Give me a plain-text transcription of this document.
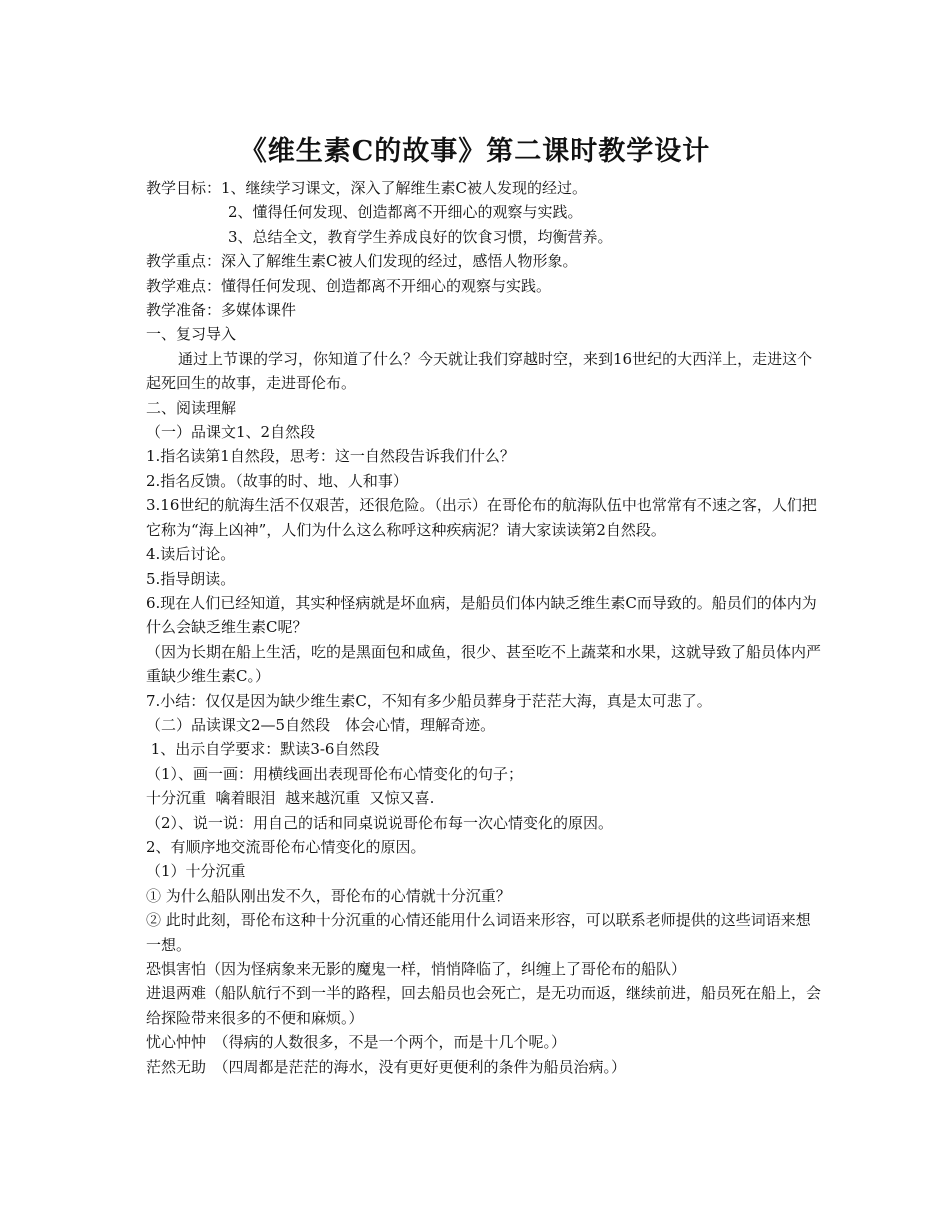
《维生素C的故事》第二课时教学设计

教学目标：1、继续学习课文，深入了解维生素C被人发现的经过。

2、懂得任何发现、创造都离不开细心的观察与实践。

3、总结全文，教育学生养成良好的饮食习惯，均衡营养。

教学重点：深入了解维生素C被人们发现的经过，感悟人物形象。

教学难点：懂得任何发现、创造都离不开细心的观察与实践。

教学准备：多媒体课件

一、复习导入

通过上节课的学习，你知道了什么？今天就让我们穿越时空，来到16世纪的大西洋上，走进这个起死回生的故事，走进哥伦布。

二、阅读理解

（一）品课文1、2自然段

1.指名读第1自然段，思考：这一自然段告诉我们什么？

2.指名反馈。（故事的时、地、人和事）

3.16世纪的航海生活不仅艰苦，还很危险。（出示）在哥伦布的航海队伍中也常常有不速之客，人们把它称为“海上凶神”，人们为什么这么称呼这种疾病泥？请大家读读第2自然段。

4.读后讨论。

5.指导朗读。

6.现在人们已经知道，其实种怪病就是坏血病，是船员们体内缺乏维生素C而导致的。船员们的体内为什么会缺乏维生素C呢？

（因为长期在船上生活，吃的是黑面包和咸鱼，很少、甚至吃不上蔬菜和水果，这就导致了船员体内严重缺少维生素C。）

7.小结：仅仅是因为缺少维生素C，不知有多少船员葬身于茫茫大海，真是太可悲了。

（二）品读课文2—5自然段　体会心情，理解奇迹。

1、出示自学要求：默读3-6自然段

（1）、画一画：用横线画出表现哥伦布心情变化的句子；

十分沉重  噙着眼泪  越来越沉重  又惊又喜.

（2）、说一说：用自己的话和同桌说说哥伦布每一次心情变化的原因。

2、有顺序地交流哥伦布心情变化的原因。

（1）十分沉重

① 为什么船队刚出发不久，哥伦布的心情就十分沉重？

② 此时此刻，哥伦布这种十分沉重的心情还能用什么词语来形容，可以联系老师提供的这些词语来想一想。

恐惧害怕（因为怪病象来无影的魔鬼一样，悄悄降临了，纠缠上了哥伦布的船队）

进退两难（船队航行不到一半的路程，回去船员也会死亡，是无功而返，继续前进，船员死在船上，会给探险带来很多的不便和麻烦。）

忧心忡忡　（得病的人数很多，不是一个两个，而是十几个呢。）

茫然无助　（四周都是茫茫的海水，没有更好更便利的条件为船员治病。）
